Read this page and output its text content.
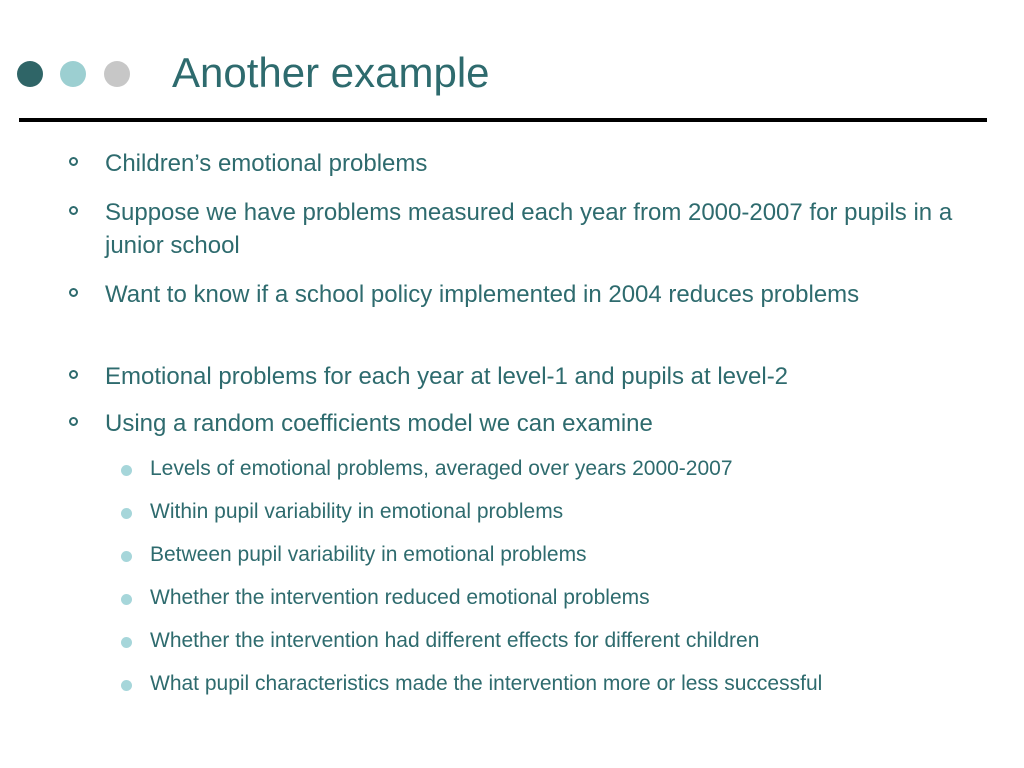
Another example
Children’s emotional problems
Suppose we have problems measured each year from 2000-2007 for pupils in a junior school
Want to know if a school policy implemented in 2004 reduces problems
Emotional problems for each year at level-1 and pupils at level-2
Using a random coefficients model we can examine
Levels of emotional problems, averaged over years 2000-2007
Within pupil variability in emotional problems
Between pupil variability in emotional problems
Whether the intervention reduced emotional problems
Whether the intervention had different effects for different children
What pupil characteristics made the intervention more or less successful
